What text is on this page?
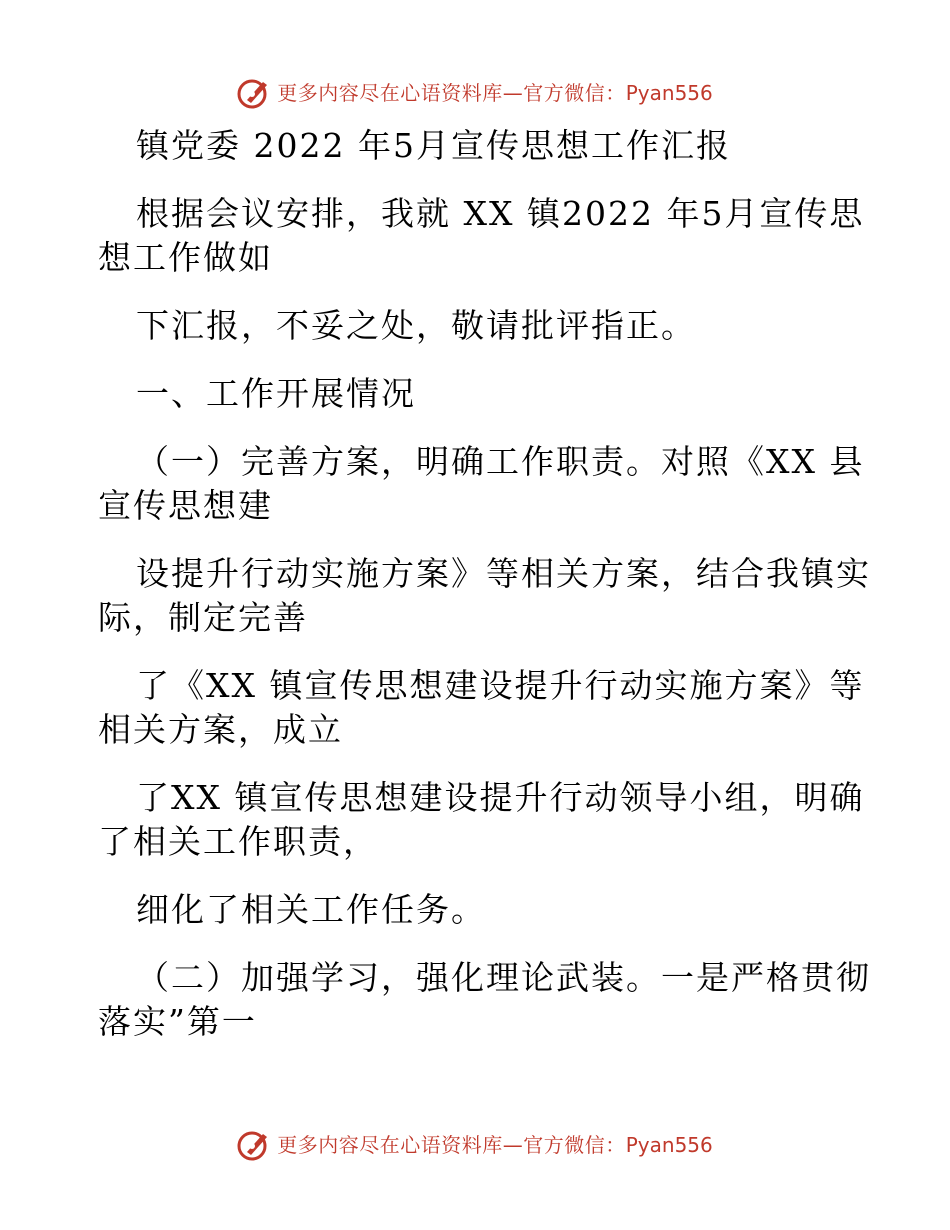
更多内容尽在心语资料库—官方微信： Pyan556
镇党委 2022 年5月宣传思想工作汇报
根据会议安排，我就 XX 镇2022 年5月宣传思
想工作做如
下汇报，不妥之处，敬请批评指正。
一、工作开展情况
（一）完善方案，明确工作职责。对照《XX 县
宣传思想建
设提升行动实施方案》等相关方案，结合我镇实
际，制定完善
了《XX 镇宣传思想建设提升行动实施方案》等
相关方案，成立
了XX 镇宣传思想建设提升行动领导小组，明确
了相关工作职责，
细化了相关工作任务。
（二）加强学习，强化理论武装。一是严格贯彻
落实”第一
更多内容尽在心语资料库—官方微信： Pyan556
